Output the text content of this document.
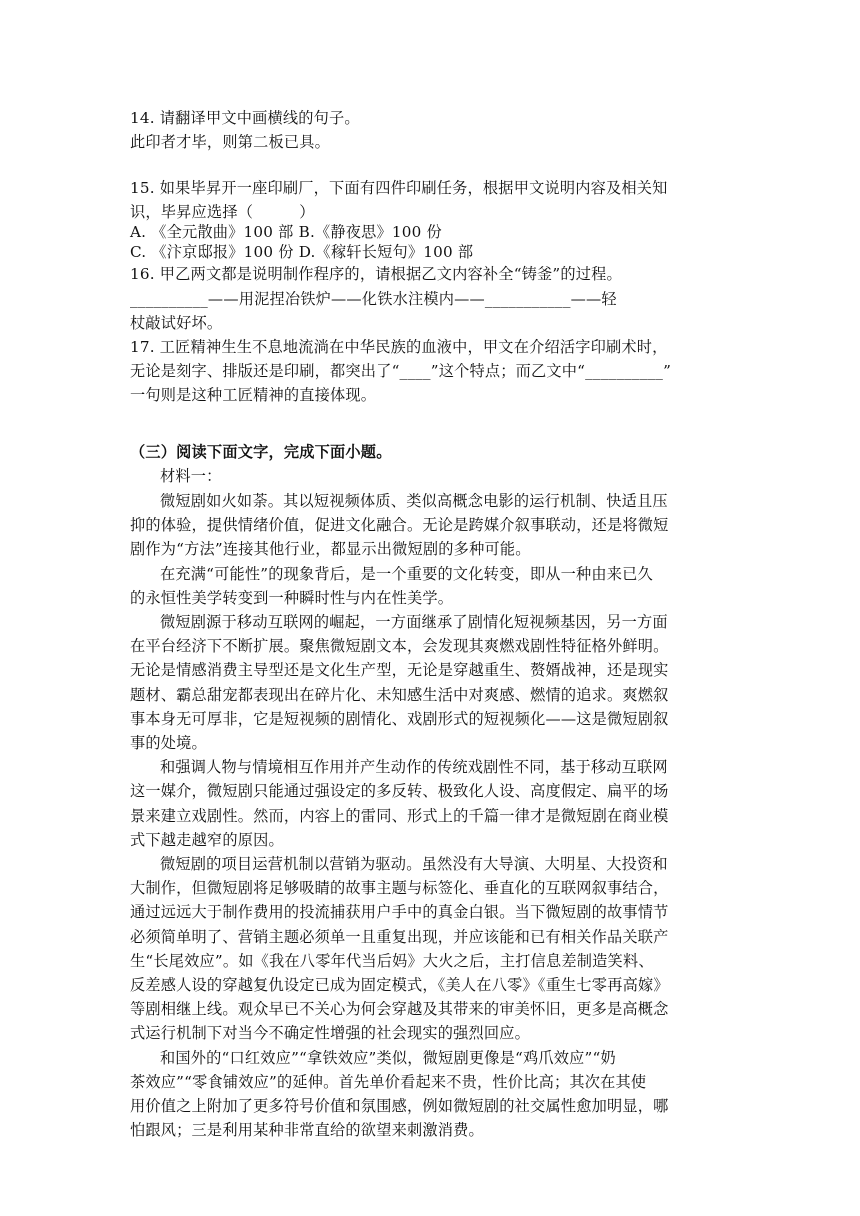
14. 请翻译甲文中画横线的句子。
此印者才毕，则第二板已具。
15. 如果毕昇开一座印刷厂，下面有四件印刷任务，根据甲文说明内容及相关知
识，毕昇应选择（　　　）
A. 《全元散曲》100 部 B.《静夜思》100 份
C. 《汴京邸报》100 份 D.《稼轩长短句》100 部
16. 甲乙两文都是说明制作程序的，请根据乙文内容补全“铸釜”的过程。
__________——用泥捏冶铁炉——化铁水注模内——___________——轻
杖敲试好坏。
17. 工匠精神生生不息地流淌在中华民族的血液中，甲文在介绍活字印刷术时，
无论是刻字、排版还是印刷，都突出了“____”这个特点；而乙文中“__________”
一句则是这种工匠精神的直接体现。
（三）阅读下面文字，完成下面小题。
材料一：
微短剧如火如荼。其以短视频体质、类似高概念电影的运行机制、快适且压
抑的体验，提供情绪价值，促进文化融合。无论是跨媒介叙事联动，还是将微短
剧作为“方法”连接其他行业，都显示出微短剧的多种可能。
在充满“可能性”的现象背后，是一个重要的文化转变，即从一种由来已久
的永恒性美学转变到一种瞬时性与内在性美学。
微短剧源于移动互联网的崛起，一方面继承了剧情化短视频基因，另一方面
在平台经济下不断扩展。聚焦微短剧文本，会发现其爽燃戏剧性特征格外鲜明。
无论是情感消费主导型还是文化生产型，无论是穿越重生、赘婿战神，还是现实
题材、霸总甜宠都表现出在碎片化、未知感生活中对爽感、燃情的追求。爽燃叙
事本身无可厚非，它是短视频的剧情化、戏剧形式的短视频化——这是微短剧叙
事的处境。
和强调人物与情境相互作用并产生动作的传统戏剧性不同，基于移动互联网
这一媒介，微短剧只能通过强设定的多反转、极致化人设、高度假定、扁平的场
景来建立戏剧性。然而，内容上的雷同、形式上的千篇一律才是微短剧在商业模
式下越走越窄的原因。
微短剧的项目运营机制以营销为驱动。虽然没有大导演、大明星、大投资和
大制作，但微短剧将足够吸睛的故事主题与标签化、垂直化的互联网叙事结合，
通过远远大于制作费用的投流捕获用户手中的真金白银。当下微短剧的故事情节
必须简单明了、营销主题必须单一且重复出现，并应该能和已有相关作品关联产
生“长尾效应”。如《我在八零年代当后妈》大火之后，主打信息差制造笑料、
反差感人设的穿越复仇设定已成为固定模式，《美人在八零》《重生七零再高嫁》
等剧相继上线。观众早已不关心为何会穿越及其带来的审美怀旧，更多是高概念
式运行机制下对当今不确定性增强的社会现实的强烈回应。
和国外的“口红效应”“拿铁效应”类似，微短剧更像是“鸡爪效应”“奶
茶效应”“零食铺效应”的延伸。首先单价看起来不贵，性价比高；其次在其使
用价值之上附加了更多符号价值和氛围感，例如微短剧的社交属性愈加明显，哪
怕跟风；三是利用某种非常直给的欲望来刺激消费。
